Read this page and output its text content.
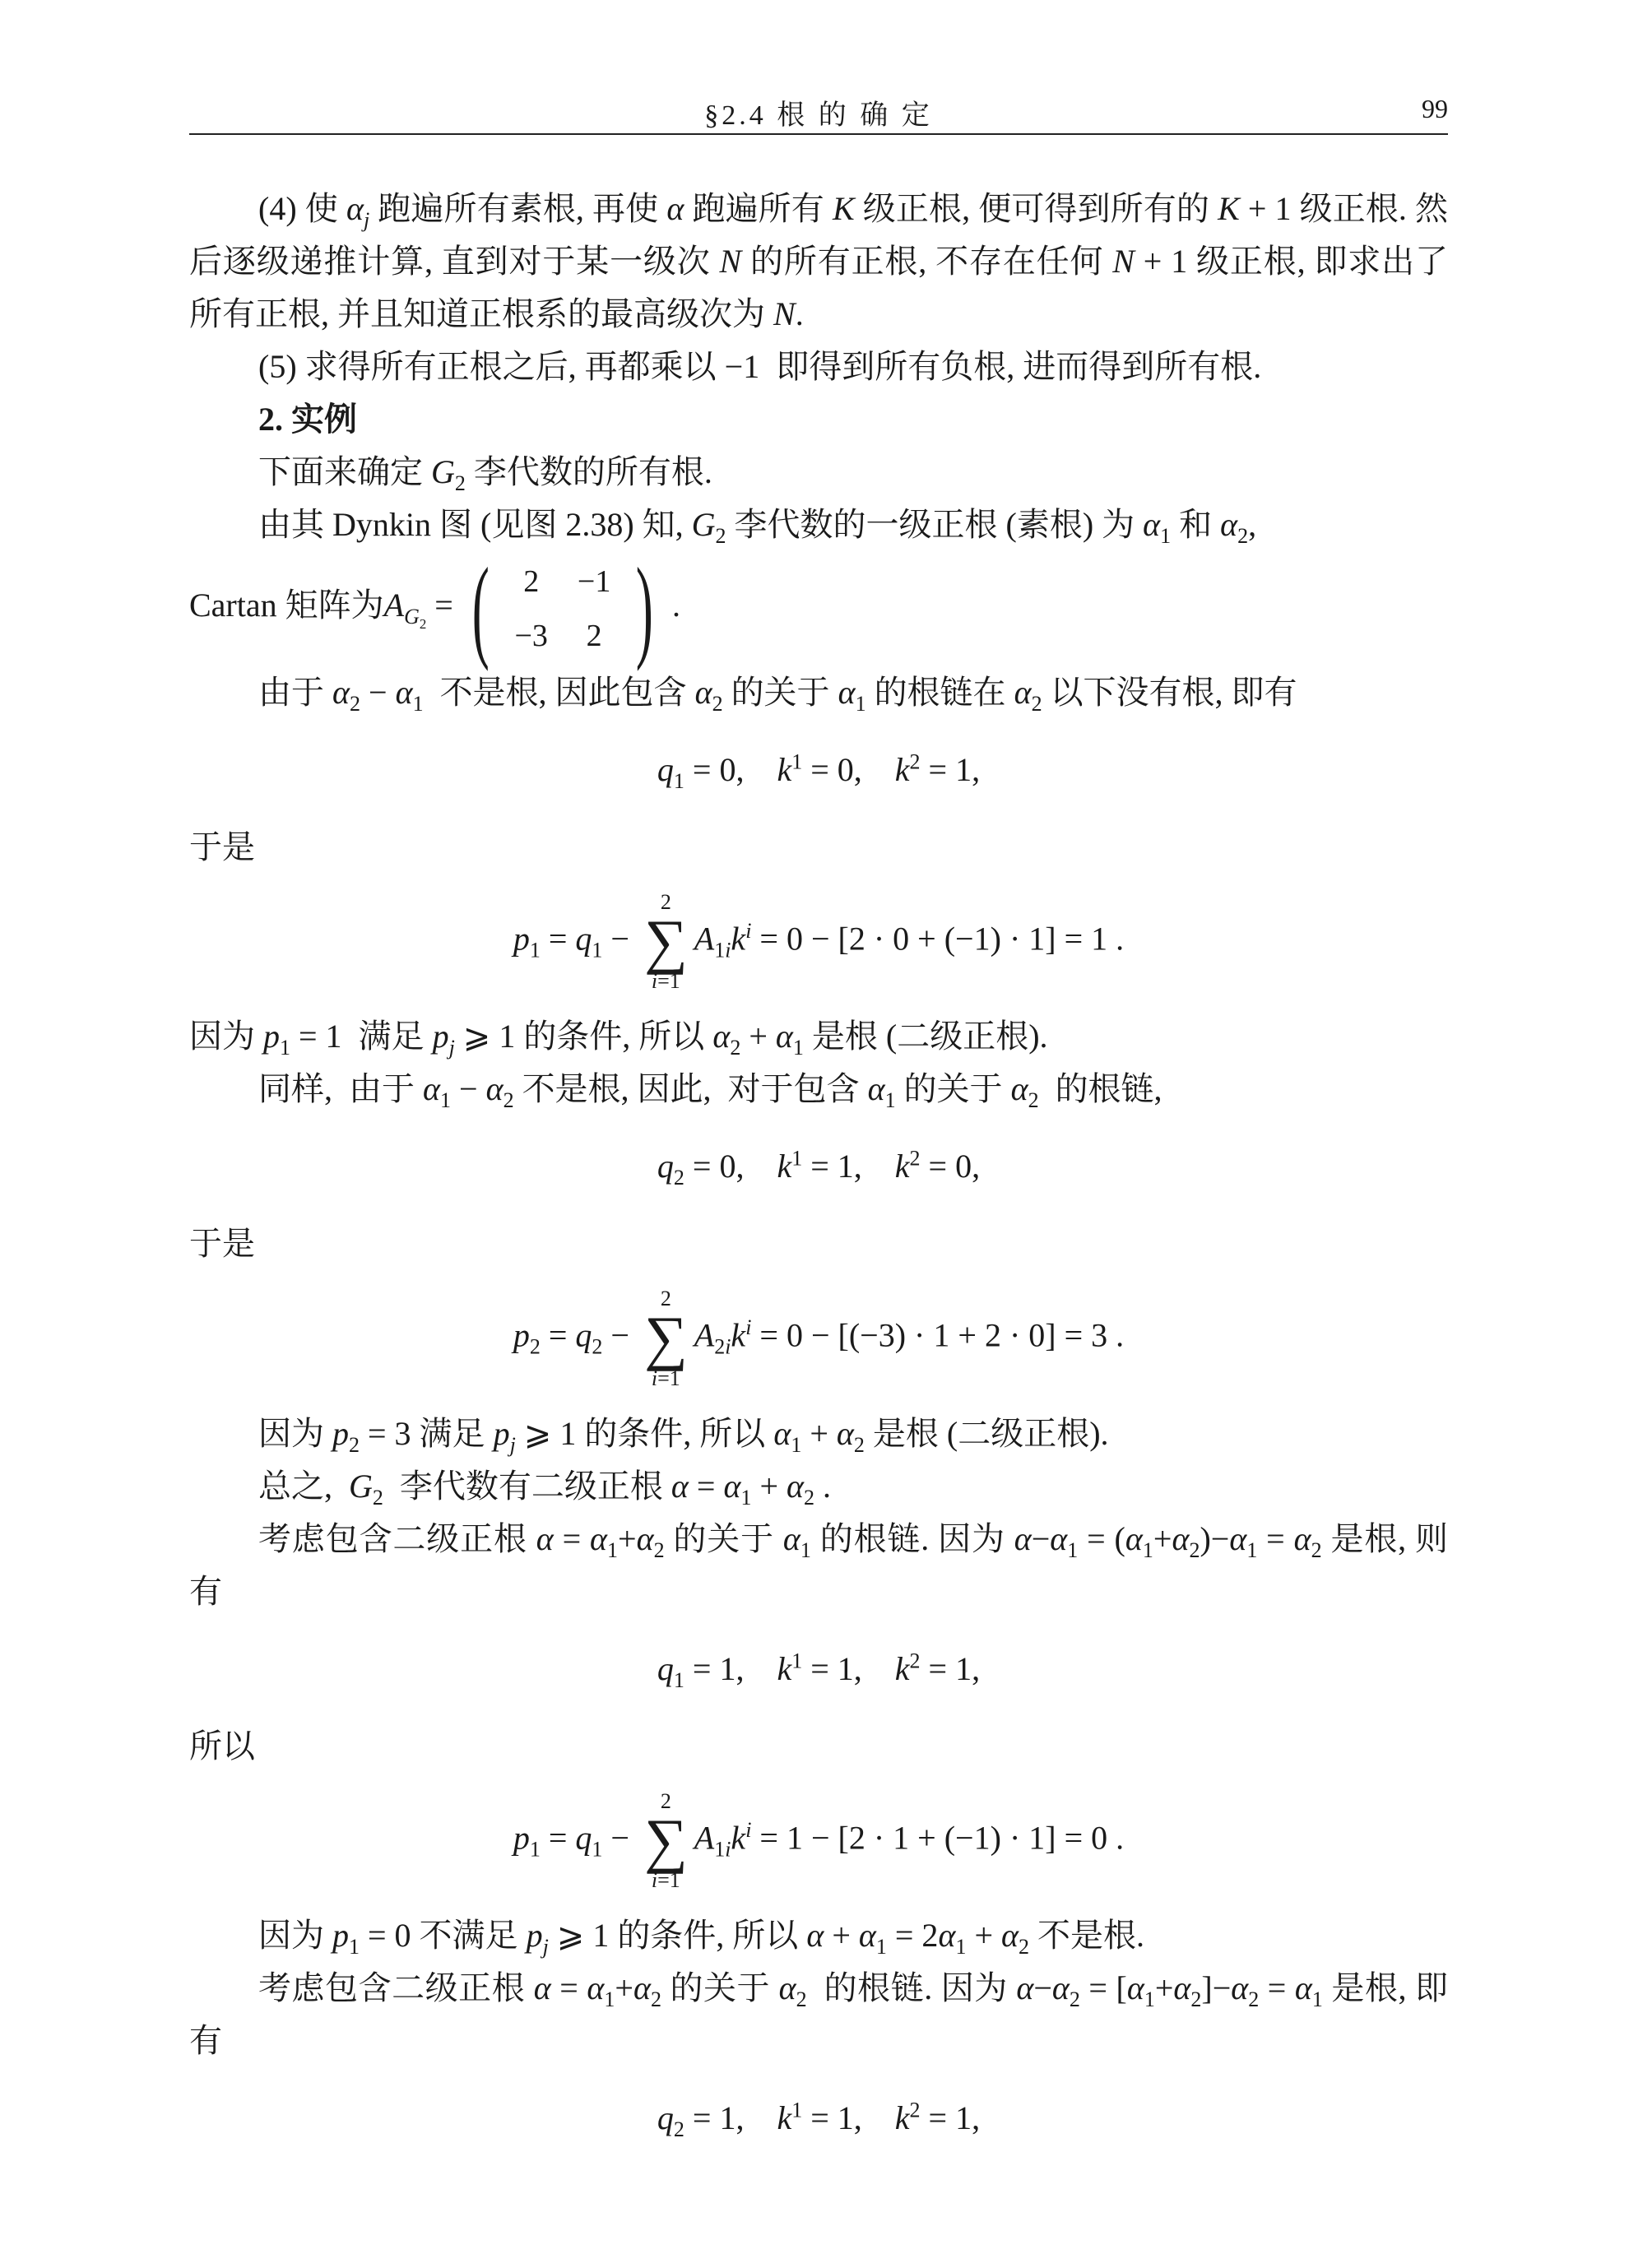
§2.4 根 的 确 定	99
(4) 使 $\alpha_j$ 跑遍所有素根, 再使 α 跑遍所有 K 级正根, 便可得到所有的 K + 1 级正根. 然后逐级递推计算, 直到对于某一级次 N 的所有正根, 不存在任何 N + 1 级正根, 即求出了所有正根, 并且知道正根系的最高级次为 N.
(5) 求得所有正根之后, 再都乘以 −1  即得到所有负根, 进而得到所有根.
2. 实例
下面来确定 $G_2$ 李代数的所有根.
由其 Dynkin 图 (见图 2.38) 知, $G_2$ 李代数的一级正根 (素根) 为 $\alpha_1$ 和 $\alpha_2$,
Cartan 矩阵为$A_{G_2}$ = ( 2	−1
−3	2 ) .
由于 $\alpha_2 - \alpha_1$  不是根, 因此包含 $\alpha_2$ 的关于 $\alpha_1$ 的根链在 $\alpha_2$ 以下没有根, 即有
$q_1 = 0$,    $k^1 = 0$,    $k^2 = 1$,
于是
$p_1 = q_1$ −
2
∑
i=1
$A_{1i}k^i = 0 - [2 \cdot 0 + (-1) \cdot 1] = 1$ .
因为 $p_1 = 1$  满足 $p_j$ ⩾ 1 的条件, 所以 $\alpha_2 + \alpha_1$ 是根 (二级正根).
同样,  由于 $\alpha_1 - \alpha_2$ 不是根, 因此,  对于包含 $\alpha_1$ 的关于 $\alpha_2$  的根链,
$q_2 = 0$,    $k^1 = 1$,    $k^2 = 0$,
于是
$p_2 = q_2$ −
2
∑
i=1
$A_{2i}k^i = 0 - [(-3) \cdot 1 + 2 \cdot 0] = 3$ .
因为 $p_2 = 3$ 满足 $p_j$ ⩾ 1 的条件, 所以 $\alpha_1 + \alpha_2$ 是根 (二级正根).
总之,  $G_2$  李代数有二级正根 $\alpha = \alpha_1 + \alpha_2$ .
考虑包含二级正根 $\alpha = \alpha_1+\alpha_2$ 的关于 $\alpha_1$ 的根链. 因为 $\alpha-\alpha_1 = (\alpha_1+\alpha_2)-\alpha_1 = \alpha_2$ 是根, 则有
$q_1 = 1$,    $k^1 = 1$,    $k^2 = 1$,
所以
$p_1 = q_1$ −
2
∑
i=1
$A_{1i}k^i = 1 - [2 \cdot 1 + (-1) \cdot 1] = 0$ .
因为 $p_1 = 0$ 不满足 $p_j$ ⩾ 1 的条件, 所以 $\alpha + \alpha_1 = 2\alpha_1 + \alpha_2$ 不是根.
考虑包含二级正根 $\alpha = \alpha_1+\alpha_2$ 的关于 $\alpha_2$  的根链. 因为 $\alpha-\alpha_2 = [\alpha_1+\alpha_2]-\alpha_2 = \alpha_1$ 是根, 即有
$q_2 = 1$,    $k^1 = 1$,    $k^2 = 1$,
